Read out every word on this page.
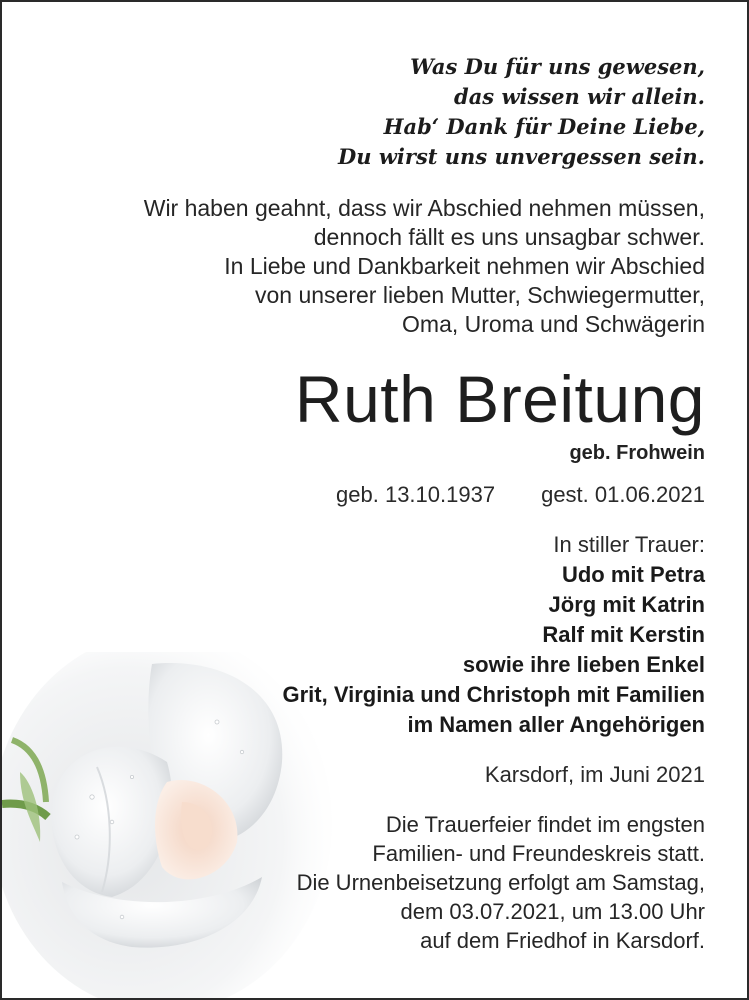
Was Du für uns gewesen,
das wissen wir allein.
Hab‘ Dank für Deine Liebe,
Du wirst uns unvergessen sein.
Wir haben geahnt, dass wir Abschied nehmen müssen,
dennoch fällt es uns unsagbar schwer.
In Liebe und Dankbarkeit nehmen wir Abschied
von unserer lieben Mutter, Schwiegermutter,
Oma, Uroma und Schwägerin
Ruth Breitung
geb. Frohwein
geb. 13.10.1937 gest. 01.06.2021
In stiller Trauer:
Udo mit Petra
Jörg mit Katrin
Ralf mit Kerstin
sowie ihre lieben Enkel
Grit, Virginia und Christoph mit Familien
im Namen aller Angehörigen
Karsdorf, im Juni 2021
Die Trauerfeier findet im engsten
Familien- und Freundeskreis statt.
Die Urnenbeisetzung erfolgt am Samstag,
dem 03.07.2021, um 13.00 Uhr
auf dem Friedhof in Karsdorf.
